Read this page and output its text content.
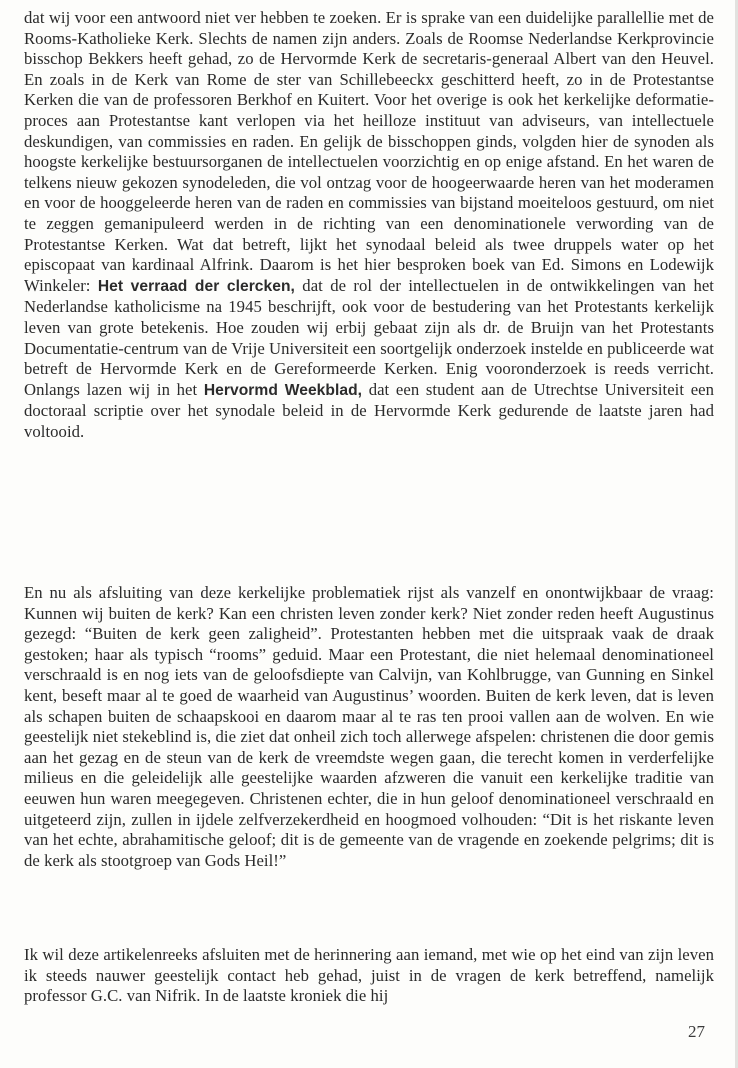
dat wij voor een antwoord niet ver hebben te zoeken. Er is sprake van een duidelijke parallellie met de Rooms-Katholieke Kerk. Slechts de namen zijn anders. Zoals de Roomse Nederlandse Kerkprovincie bisschop Bekkers heeft gehad, zo de Hervormde Kerk de secretaris-generaal Albert van den Heuvel. En zoals in de Kerk van Rome de ster van Schillebeeckx geschitterd heeft, zo in de Protestantse Kerken die van de professoren Berkhof en Kuitert. Voor het overige is ook het kerkelijke deformatie-proces aan Protestantse kant verlopen via het heilloze instituut van adviseurs, van intellectuele deskundigen, van commissies en raden. En gelijk de bisschoppen ginds, volgden hier de synoden als hoogste kerkelijke bestuursorganen de intellectuelen voorzichtig en op enige afstand. En het waren de telkens nieuw gekozen synodeleden, die vol ontzag voor de hoogeerwaarde heren van het moderamen en voor de hooggeleerde heren van de raden en commissies van bijstand moeiteloos gestuurd, om niet te zeggen gemanipuleerd werden in de richting van een denominationele verwording van de Protestantse Kerken. Wat dat betreft, lijkt het synodaal beleid als twee druppels water op het episcopaat van kardinaal Alfrink. Daarom is het hier besproken boek van Ed. Simons en Lodewijk Winkeler: Het verraad der clercken, dat de rol der intellectuelen in de ontwikkelingen van het Nederlandse katholicisme na 1945 beschrijft, ook voor de bestudering van het Protestants kerkelijk leven van grote betekenis. Hoe zouden wij erbij gebaat zijn als dr. de Bruijn van het Protestants Documentatie-centrum van de Vrije Universiteit een soortgelijk onderzoek instelde en publiceerde wat betreft de Hervormde Kerk en de Gereformeerde Kerken. Enig vooronderzoek is reeds verricht. Onlangs lazen wij in het Hervormd Weekblad, dat een student aan de Utrechtse Universiteit een doctoraal scriptie over het synodale beleid in de Hervormde Kerk gedurende de laatste jaren had voltooid.

En nu als afsluiting van deze kerkelijke problematiek rijst als vanzelf en onontwijkbaar de vraag: Kunnen wij buiten de kerk? Kan een christen leven zonder kerk? Niet zonder reden heeft Augustinus gezegd: “Buiten de kerk geen zaligheid”. Protestanten hebben met die uitspraak vaak de draak gestoken; haar als typisch “rooms” geduid. Maar een Protestant, die niet helemaal denominationeel verschraald is en nog iets van de geloofsdiepte van Calvijn, van Kohlbrugge, van Gunning en Sinkel kent, beseft maar al te goed de waarheid van Augustinus’ woorden. Buiten de kerk leven, dat is leven als schapen buiten de schaapskooi en daarom maar al te ras ten prooi vallen aan de wolven. En wie geestelijk niet stekeblind is, die ziet dat onheil zich toch allerwege afspelen: christenen die door gemis aan het gezag en de steun van de kerk de vreemdste wegen gaan, die terecht komen in verderfelijke milieus en die geleidelijk alle geestelijke waarden afzweren die vanuit een kerkelijke traditie van eeuwen hun waren meegegeven. Christenen echter, die in hun geloof denominationeel verschraald en uitgeteerd zijn, zullen in ijdele zelfverzekerdheid en hoogmoed volhouden: “Dit is het riskante leven van het echte, abrahamitische geloof; dit is de gemeente van de vragende en zoekende pelgrims; dit is de kerk als stootgroep van Gods Heil!”

Ik wil deze artikelenreeks afsluiten met de herinnering aan iemand, met wie op het eind van zijn leven ik steeds nauwer geestelijk contact heb gehad, juist in de vragen de kerk betreffend, namelijk professor G.C. van Nifrik. In de laatste kroniek die hij

27
